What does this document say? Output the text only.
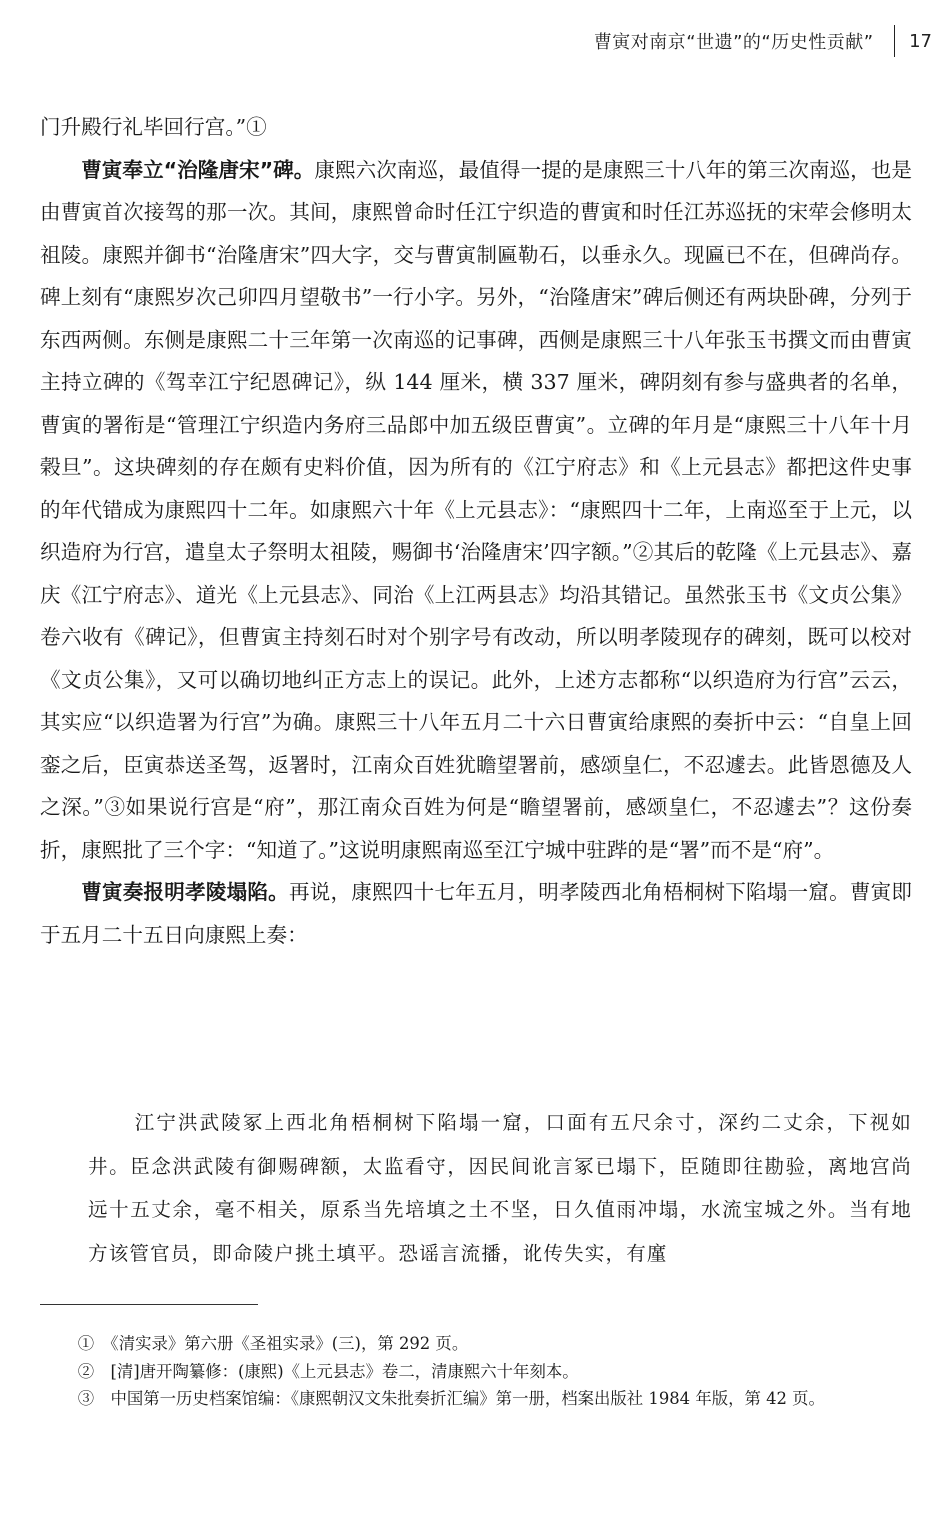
曹寅对南京“世遗”的“历史性贡献” 17

门升殿行礼毕回行宫。”①

曹寅奉立“治隆唐宋”碑。康熙六次南巡，最值得一提的是康熙三十八年的第三次南巡，也是由曹寅首次接驾的那一次。其间，康熙曾命时任江宁织造的曹寅和时任江苏巡抚的宋荦会修明太祖陵。康熙并御书“治隆唐宋”四大字，交与曹寅制匾勒石，以垂永久。现匾已不在，但碑尚存。碑上刻有“康熙岁次己卯四月望敬书”一行小字。另外，“治隆唐宋”碑后侧还有两块卧碑，分列于东西两侧。东侧是康熙二十三年第一次南巡的记事碑，西侧是康熙三十八年张玉书撰文而由曹寅主持立碑的《驾幸江宁纪恩碑记》，纵 144 厘米，横 337 厘米，碑阴刻有参与盛典者的名单，曹寅的署衔是“管理江宁织造内务府三品郎中加五级臣曹寅”。立碑的年月是“康熙三十八年十月榖旦”。这块碑刻的存在颇有史料价值，因为所有的《江宁府志》和《上元县志》都把这件史事的年代错成为康熙四十二年。如康熙六十年《上元县志》：“康熙四十二年，上南巡至于上元，以织造府为行宫，遣皇太子祭明太祖陵，赐御书‘治隆唐宋’四字额。”②其后的乾隆《上元县志》、嘉庆《江宁府志》、道光《上元县志》、同治《上江两县志》均沿其错记。虽然张玉书《文贞公集》卷六收有《碑记》，但曹寅主持刻石时对个别字号有改动，所以明孝陵现存的碑刻，既可以校对《文贞公集》，又可以确切地纠正方志上的误记。此外，上述方志都称“以织造府为行宫”云云，其实应“以织造署为行宫”为确。康熙三十八年五月二十六日曹寅给康熙的奏折中云：“自皇上回銮之后，臣寅恭送圣驾，返署时，江南众百姓犹瞻望署前，感颂皇仁，不忍遽去。此皆恩德及人之深。”③如果说行宫是“府”，那江南众百姓为何是“瞻望署前，感颂皇仁，不忍遽去”？这份奏折，康熙批了三个字：“知道了。”这说明康熙南巡至江宁城中驻跸的是“署”而不是“府”。

曹寅奏报明孝陵塌陷。再说，康熙四十七年五月，明孝陵西北角梧桐树下陷塌一窟。曹寅即于五月二十五日向康熙上奏：

江宁洪武陵冢上西北角梧桐树下陷塌一窟，口面有五尺余寸，深约二丈余，下视如井。臣念洪武陵有御赐碑额，太监看守，因民间讹言冢已塌下，臣随即往勘验，离地宫尚远十五丈余，毫不相关，原系当先培填之土不坚，日久值雨冲塌，水流宝城之外。当有地方该管官员，即命陵户挑土填平。恐谣言流播，讹传失实，有廑

①　《清实录》第六册《圣祖实录》(三)，第 292 页。

②　[清]唐开陶纂修：(康熙)《上元县志》卷二，清康熙六十年刻本。

③　中国第一历史档案馆编：《康熙朝汉文朱批奏折汇编》第一册，档案出版社 1984 年版，第 42 页。
